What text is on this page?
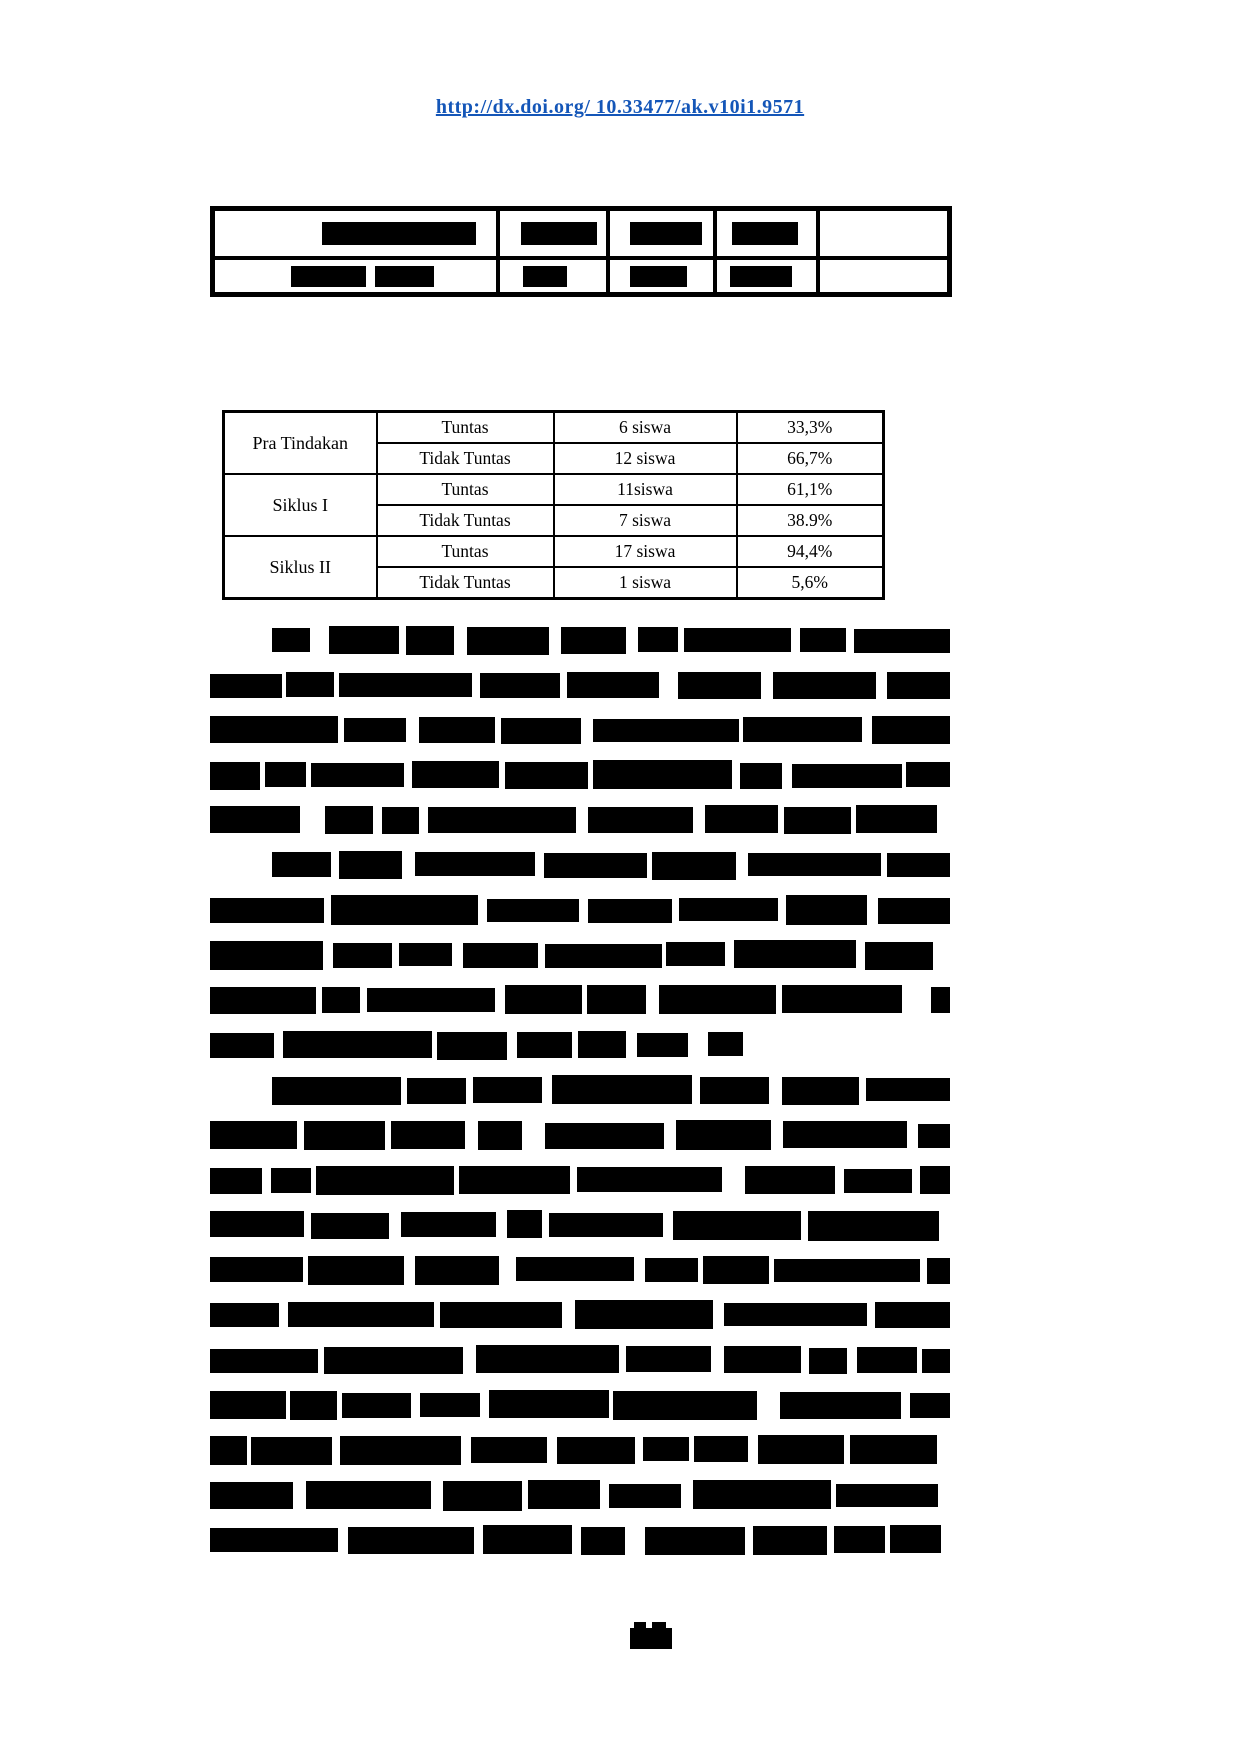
http://dx.doi.org/ 10.33477/ak.v10i1.9571

Pra Tindakan	Tuntas	6 siswa	33,3%
	Tidak Tuntas	12 siswa	66,7%
Siklus I	Tuntas	11siswa	61,1%
	Tidak Tuntas	7 siswa	38.9%
Siklus II	Tuntas	17 siswa	94,4%
	Tidak Tuntas	1 siswa	5,6%
